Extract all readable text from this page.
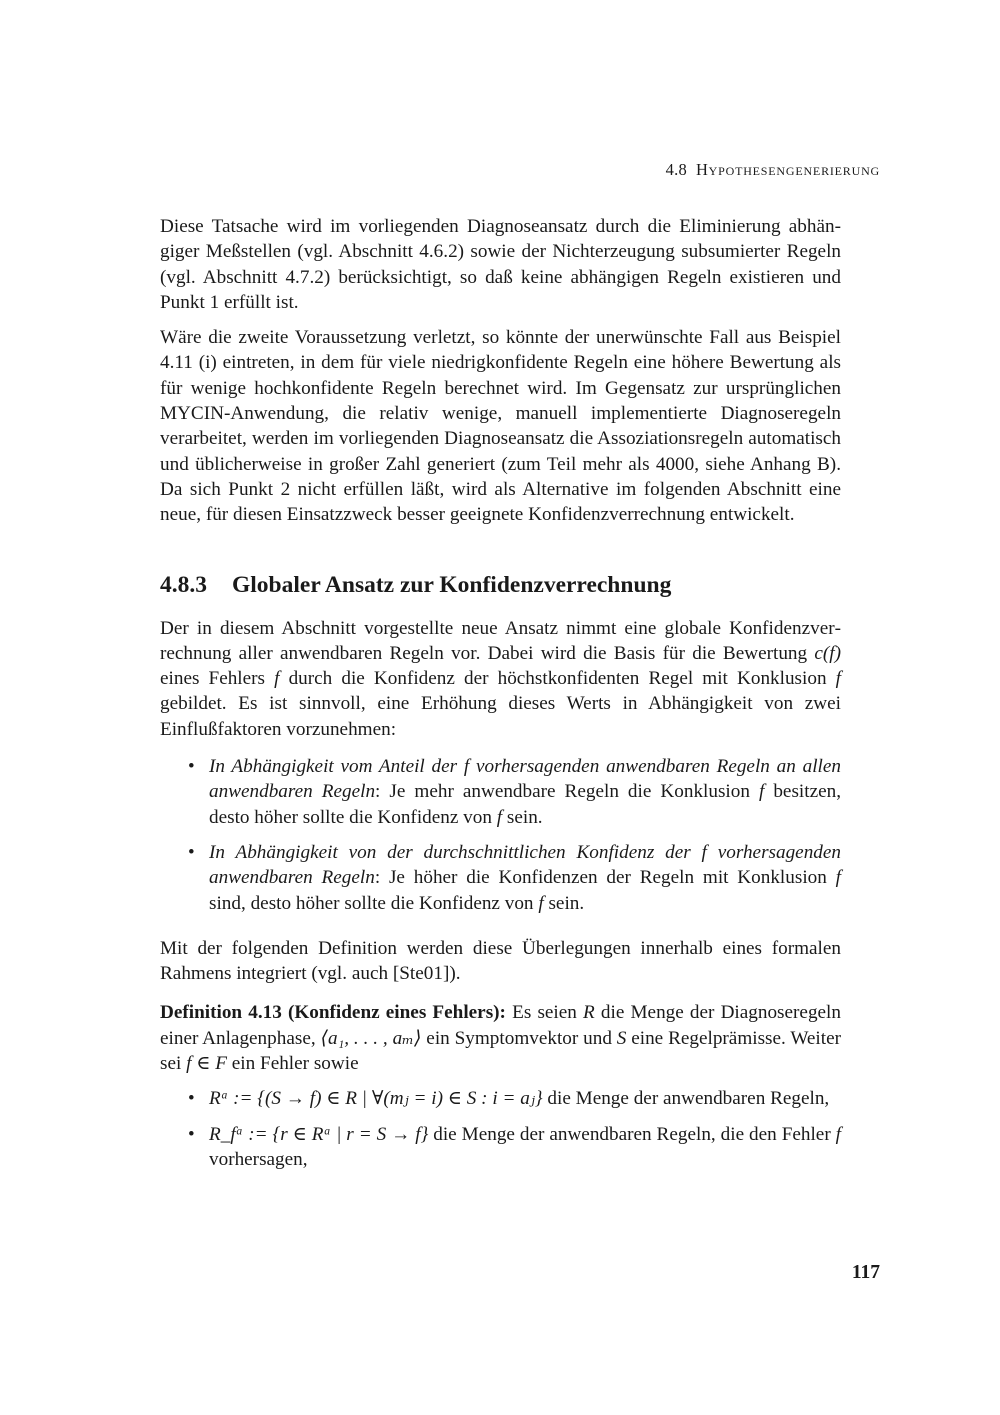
4.8 Hypothesengenerierung

Diese Tatsache wird im vorliegenden Diagnoseansatz durch die Eliminierung abhängiger Meßstellen (vgl. Abschnitt 4.6.2) sowie der Nichterzeugung subsumierter Regeln (vgl. Abschnitt 4.7.2) berücksichtigt, so daß keine abhängigen Regeln existieren und Punkt 1 erfüllt ist.

Wäre die zweite Voraussetzung verletzt, so könnte der unerwünschte Fall aus Beispiel 4.11 (i) eintreten, in dem für viele niedrigkonfidente Regeln eine höhere Bewertung als für wenige hochkonfidente Regeln berechnet wird. Im Gegensatz zur ursprünglichen MYCIN-Anwendung, die relativ wenige, manuell implementierte Diagnoseregeln verarbeitet, werden im vorliegenden Diagnoseansatz die Assoziationsregeln automatisch und üblicherweise in großer Zahl generiert (zum Teil mehr als 4000, siehe Anhang B). Da sich Punkt 2 nicht erfüllen läßt, wird als Alternative im folgenden Abschnitt eine neue, für diesen Einsatzzweck besser geeignete Konfidenzverrechnung entwickelt.

4.8.3 Globaler Ansatz zur Konfidenzverrechnung

Der in diesem Abschnitt vorgestellte neue Ansatz nimmt eine globale Konfidenzverrechnung aller anwendbaren Regeln vor. Dabei wird die Basis für die Bewertung c(f) eines Fehlers f durch die Konfidenz der höchstkonfidenten Regel mit Konklusion f gebildet. Es ist sinnvoll, eine Erhöhung dieses Werts in Abhängigkeit von zwei Einflußfaktoren vorzunehmen:

• In Abhängigkeit vom Anteil der f vorhersagenden anwendbaren Regeln an allen anwendbaren Regeln: Je mehr anwendbare Regeln die Konklusion f besitzen, desto höher sollte die Konfidenz von f sein.
• In Abhängigkeit von der durchschnittlichen Konfidenz der f vorhersagenden anwendbaren Regeln: Je höher die Konfidenzen der Regeln mit Konklusion f sind, desto höher sollte die Konfidenz von f sein.

Mit der folgenden Definition werden diese Überlegungen innerhalb eines formalen Rahmens integriert (vgl. auch [Ste01]).

Definition 4.13 (Konfidenz eines Fehlers): Es seien R die Menge der Diagnoseregeln einer Anlagenphase, ⟨a₁, . . . , aₘ⟩ ein Symptomvektor und S eine Regelprämisse. Weiter sei f ∈ F ein Fehler sowie

• Rᵃ := {(S → f) ∈ R | ∀(mⱼ = i) ∈ S : i = aⱼ} die Menge der anwendbaren Regeln,
• R_fᵃ := {r ∈ Rᵃ | r = S → f} die Menge der anwendbaren Regeln, die den Fehler f vorhersagen,
117
